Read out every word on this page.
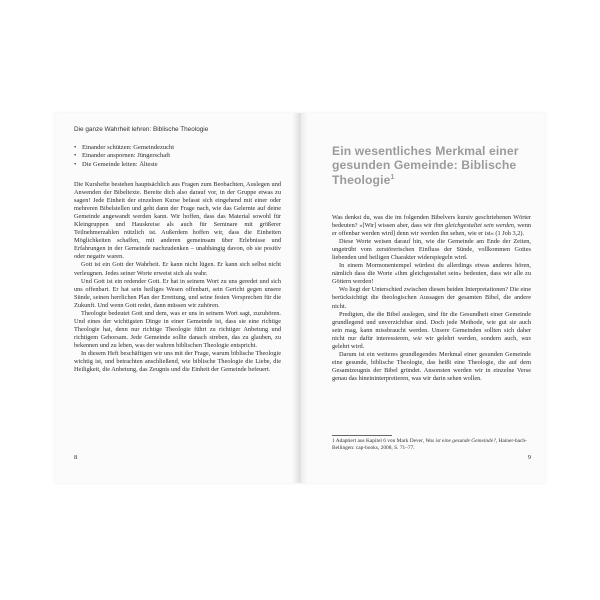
Die ganze Wahrheit lehren: Biblische Theologie
• Einander schützen: Gemeindezucht
• Einander anspornen: Jüngerschaft
• Die Gemeinde leiten: Älteste

Die Kurshefte bestehen hauptsächlich aus Fragen zum Beobachten, Auslegen und Anwenden der Bibeltexte. Bereite dich also darauf vor, in der Gruppe etwas zu sagen! Jede Einheit der einzelnen Kurse befasst sich eingehend mit einer oder mehreren Bibelstellen und geht dann der Frage nach, wie das Gelernte auf deine Gemeinde angewandt werden kann. Wir hoffen, dass das Material sowohl für Kleingruppen und Hauskreise als auch für Seminare mit größerer Teilnehmerzahlen nützlich ist. Außerdem hoffen wir, dass die Einheiten Möglichkeiten schaffen, mit anderen gemeinsam über Erlebnisse und Erfahrungen in der Gemeinde nachzudenken – unabhängig davon, ob sie positiv oder negativ waren.

Gott ist ein Gott der Wahrheit. Er kann nicht lügen. Er kann sich selbst nicht verleugnen. Jedes seiner Worte erweist sich als wahr.

Und Gott ist ein redender Gott. Er hat in seinem Wort zu uns geredet und sich uns offenbart. Er hat sein heiliges Wesen offenbart, sein Gericht gegen unsere Sünde, seinen herrlichen Plan der Errettung, und seine festen Versprechen für die Zukunft. Und wenn Gott redet, dann müssen wir zuhören.

Theologie bedeutet Gott und dem, was er uns in seinem Wort sagt, zuzuhören. Und eines der wichtigsten Dinge in einer Gemeinde ist, dass sie eine richtige Theologie hat, denn nur richtige Theologie führt zu richtiger Anbetung und richtigem Gehorsam. Jede Gemeinde sollte danach streben, das zu glauben, zu bekennen und zu leben, was der wahren biblischen Theologie entspricht.

In diesem Heft beschäftigen wir uns mit der Frage, warum biblische Theologie wichtig ist, und betrachten anschließend, wie biblische Theologie die Liebe, die Heiligkeit, die Anbetung, das Zeugnis und die Einheit der Gemeinde befeuert.

8
Ein wesentliches Merkmal einer gesunden Gemeinde: Biblische Theologie$^1$

Was denkst du, was die im folgenden Bibelvers kursiv geschriebenen Wörter bedeuten? »[Wir] wissen aber, dass wir ihm gleichgestaltet sein werden, wenn er offenbar werden wird] denn wir werden ihn sehen, wie er ist« (1 Joh 3,2).

Diese Worte weisen darauf hin, wie die Gemeinde am Ende der Zeiten, ungetrübt vom zerstörerischen Einfluss der Sünde, vollkommen Gottes liebenden und heiligen Charakter widerspiegeln wird.

In einem Mormonentempel würdest du allerdings etwas anderes hören, nämlich dass die Worte »ihm gleichgestaltet sein« bedeuten, dass wir alle zu Göttern werden!

Wo liegt der Unterschied zwischen diesen beiden Interpretationen? Die eine berücksichtigt die theologischen Aussagen der gesamten Bibel, die andere nicht.

Predigten, die die Bibel auslegen, sind für die Gesundheit einer Gemeinde grundlegend und unverzichtbar sind. Doch jede Methode, wie gut sie auch sein mag, kann missbraucht werden. Unsere Gemeinden sollten sich daher nicht nur dafür interessieren, wie wir gelehrt werden, sondern auch, was gelehrt wird.

Darum ist ein weiteres grundlegendes Merkmal einer gesunden Gemeinde eine gesunde, biblische Theologie, das heißt eine Theologie, die auf dem Gesamtzeugnis der Bibel gründet. Ansonsten werden wir in einzelne Verse genau das hineininterpretieren, was wir darin sehen wollen.

1 Adaptiert aus Kapitel 6 von Mark Dever, Was ist eine gesunde Gemeinde?, Hainer-bach-Bellingen: cap-books, 2008, S. 71–77.
9
